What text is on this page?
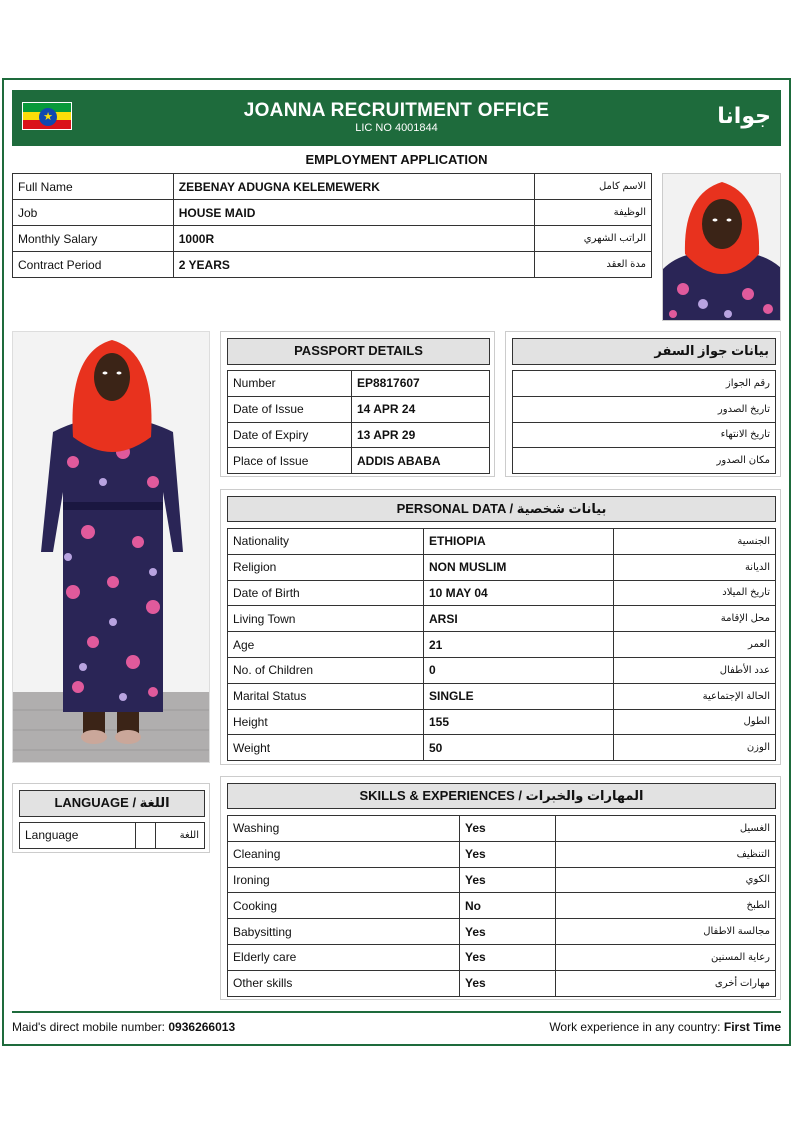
★	JOANNA RECRUITMENT OFFICE
LIC NO 4001844	جوانا
EMPLOYMENT APPLICATION
Full Name	ZEBENAY ADUGNA KELEMEWERK	الاسم كامل
Job	HOUSE MAID	الوظيفة
Monthly Salary	1000R	الراتب الشهري
Contract Period	2 YEARS	مدة العقد
PASSPORT DETAILS
Number	EP8817607
Date of Issue	14 APR 24
Date of Expiry	13 APR 29
Place of Issue	ADDIS ABABA
بيانات جواز السفر
رقم الجواز
تاريخ الصدور
تاريخ الانتهاء
مكان الصدور
PERSONAL DATA / بيانات شخصية
Nationality	ETHIOPIA	الجنسية
Religion	NON MUSLIM	الديانة
Date of Birth	10 MAY 04	تاريخ الميلاد
Living Town	ARSI	محل الإقامة
Age	21	العمر
No. of Children	0	عدد الأطفال
Marital Status	SINGLE	الحالة الإجتماعية
Height	155	الطول
Weight	50	الوزن
LANGUAGE / اللغة
Language		اللغة
SKILLS & EXPERIENCES / المهارات والخبرات
Washing	Yes	الغسيل
Cleaning	Yes	التنظيف
Ironing	Yes	الكوي
Cooking	No	الطبخ
Babysitting	Yes	مجالسة الاطفال
Elderly care	Yes	رعاية المسنين
Other skills	Yes	مهارات أخرى
Maid's direct mobile number: 0936266013	Work experience in any country: First Time
